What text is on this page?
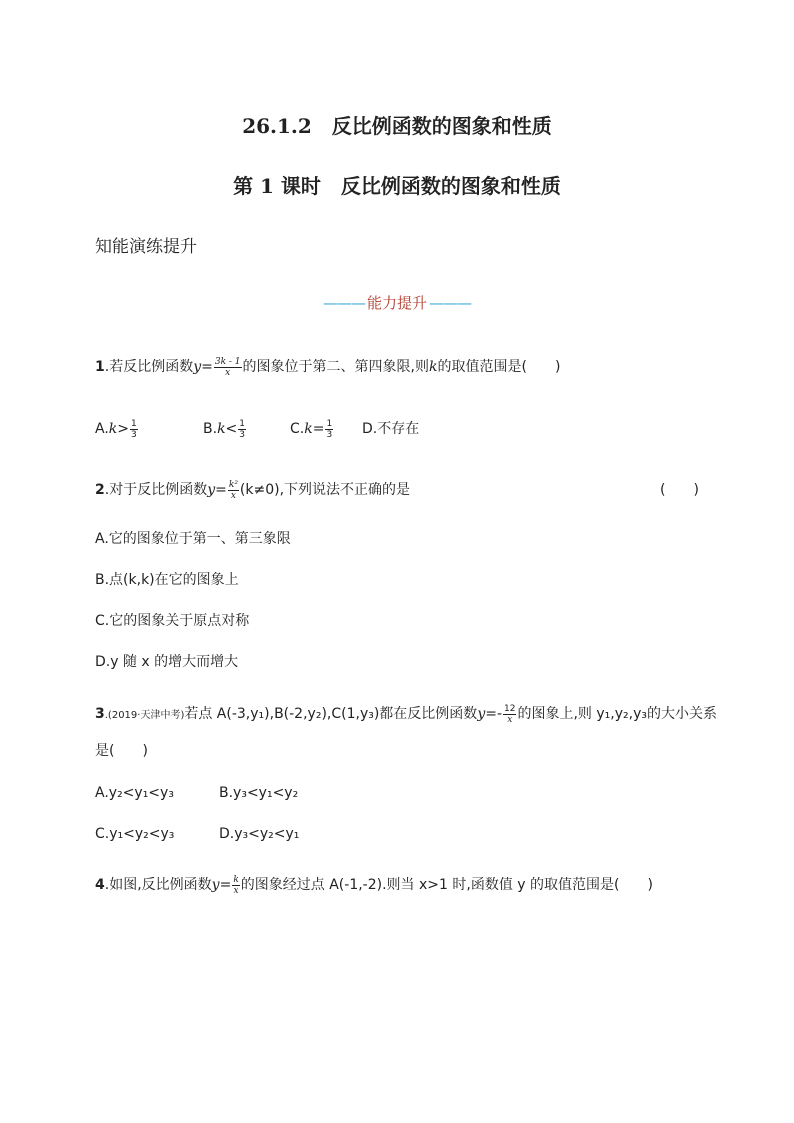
26.1.2　反比例函数的图象和性质
第 1 课时　反比例函数的图象和性质
知能演练提升
——— 能力提升 ———
1.若反比例函数$y= \frac{3k - 1}{x}$ 的图象位于第二、第四象限,则k的取值范围是( )
$A.k> \frac{1}{3}$	$B.k< \frac{1}{3}$	$C.k= \frac{1}{3} D$.不存在
2.对于反比例函数$y= \frac{\text{k²}}{x} (k\ne 0)$,下列说法不正确的是	(　　)
A.它的图象位于第一、第三象限
B.点(k,k)在它的图象上
C.它的图象关于原点对称
D.y 随 x 的增大而增大
3.(2019·天津中考)若点 A(-3,y₁),B(-2,y₂),C(1,y₃)都在反比例函数$y=- \frac{12}{x}$ 的图象上,则 y₁,y₂,y₃的大小关系
是(　　)
A.y₂<y₁<y₃	B.y₃<y₁<y₂
C.y₁<y₂<y₃	D.y₃<y₂<y₁
4.如图,反比例函数$y= \frac{k}{x}$ 的图象经过点 A(-1,-2).则当 x>1 时,函数值 y 的取值范围是(　　)
